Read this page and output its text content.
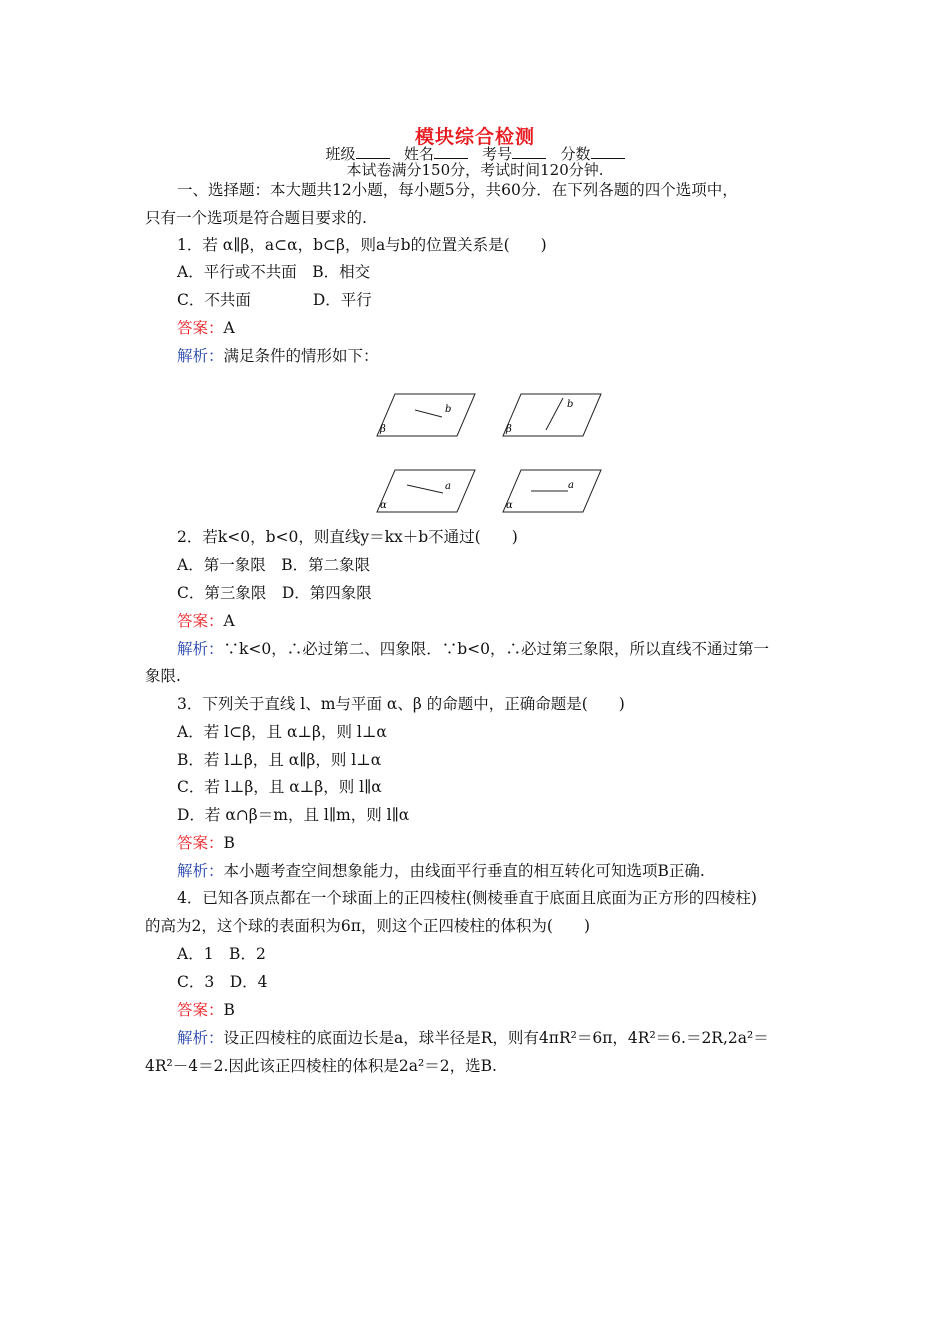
模块综合检测
班级	姓名	考号	分数
本试卷满分150分，考试时间120分钟.
一、选择题：本大题共12小题，每小题5分，共60分．在下列各题的四个选项中，
只有一个选项是符合题目要求的.
1．若 α∥β，a⊂α，b⊂β，则a与b的位置关系是(　　)
A．平行或不共面　B．相交
C．不共面　　　　D．平行
答案：A
解析：满足条件的情形如下：
β
b
β
b
α
a
α
a
2．若k<0，b<0，则直线y＝kx＋b不通过(　　)
A．第一象限　B．第二象限
C．第三象限　D．第四象限
答案：A
解析：∵k<0，∴必过第二、四象限．∵b<0，∴必过第三象限，所以直线不通过第一
象限.
3．下列关于直线 l、m与平面 α、β 的命题中，正确命题是(　　)
A．若 l⊂β，且 α⊥β，则 l⊥α
B．若 l⊥β，且 α∥β，则 l⊥α
C．若 l⊥β，且 α⊥β，则 l∥α
D．若 α∩β＝m，且 l∥m，则 l∥α
答案：B
解析：本小题考查空间想象能力，由线面平行垂直的相互转化可知选项B正确.
4．已知各顶点都在一个球面上的正四棱柱(侧棱垂直于底面且底面为正方形的四棱柱)
的高为2，这个球的表面积为6π，则这个正四棱柱的体积为(　　)
A．1　B．2
C．3　D．4
答案：B
解析：设正四棱柱的底面边长是a，球半径是R，则有4πR²＝6π，4R²＝6.＝2R,2a²＝
4R²－4＝2.因此该正四棱柱的体积是2a²＝2，选B.
